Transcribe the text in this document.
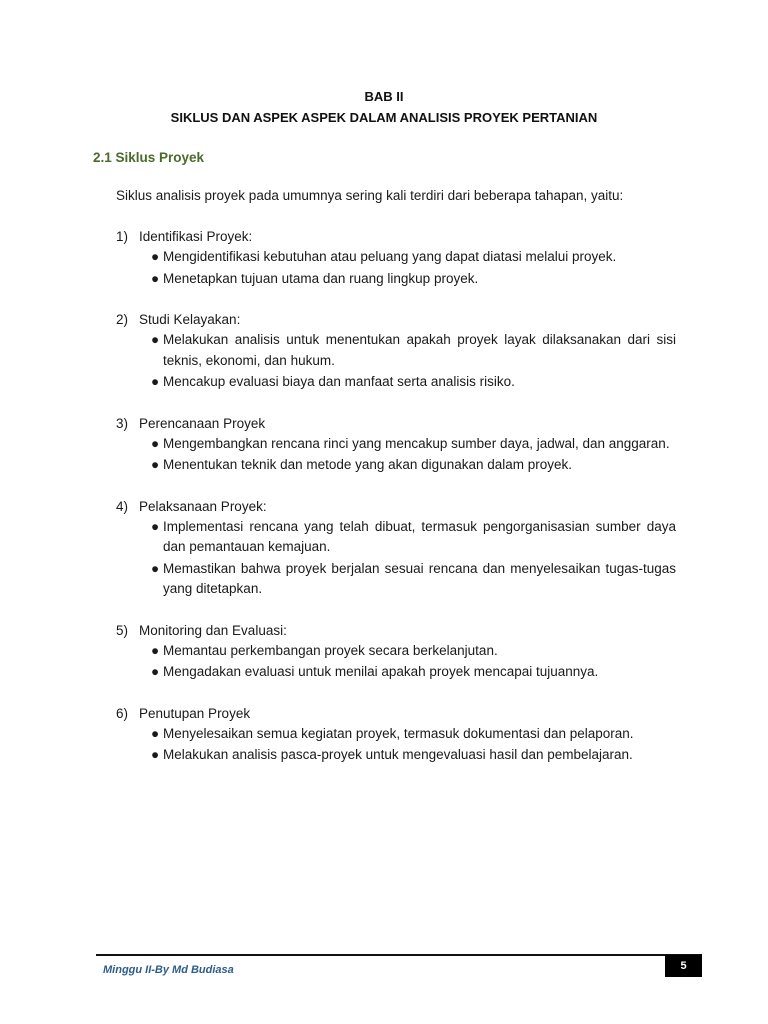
BAB II
SIKLUS DAN ASPEK ASPEK DALAM ANALISIS PROYEK PERTANIAN
2.1 Siklus Proyek
Siklus analisis proyek pada umumnya sering kali terdiri dari beberapa tahapan, yaitu:
1) Identifikasi Proyek:
● Mengidentifikasi kebutuhan atau peluang yang dapat diatasi melalui proyek.
● Menetapkan tujuan utama dan ruang lingkup proyek.
2) Studi Kelayakan:
● Melakukan analisis untuk menentukan apakah proyek layak dilaksanakan dari sisi teknis, ekonomi, dan hukum.
● Mencakup evaluasi biaya dan manfaat serta analisis risiko.
3) Perencanaan Proyek
● Mengembangkan rencana rinci yang mencakup sumber daya, jadwal, dan anggaran.
● Menentukan teknik dan metode yang akan digunakan dalam proyek.
4) Pelaksanaan Proyek:
● Implementasi rencana yang telah dibuat, termasuk pengorganisasian sumber daya dan pemantauan kemajuan.
● Memastikan bahwa proyek berjalan sesuai rencana dan menyelesaikan tugas-tugas yang ditetapkan.
5) Monitoring dan Evaluasi:
● Memantau perkembangan proyek secara berkelanjutan.
● Mengadakan evaluasi untuk menilai apakah proyek mencapai tujuannya.
6) Penutupan Proyek
● Menyelesaikan semua kegiatan proyek, termasuk dokumentasi dan pelaporan.
● Melakukan analisis pasca-proyek untuk mengevaluasi hasil dan pembelajaran.
Minggu II-By Md Budiasa	5
